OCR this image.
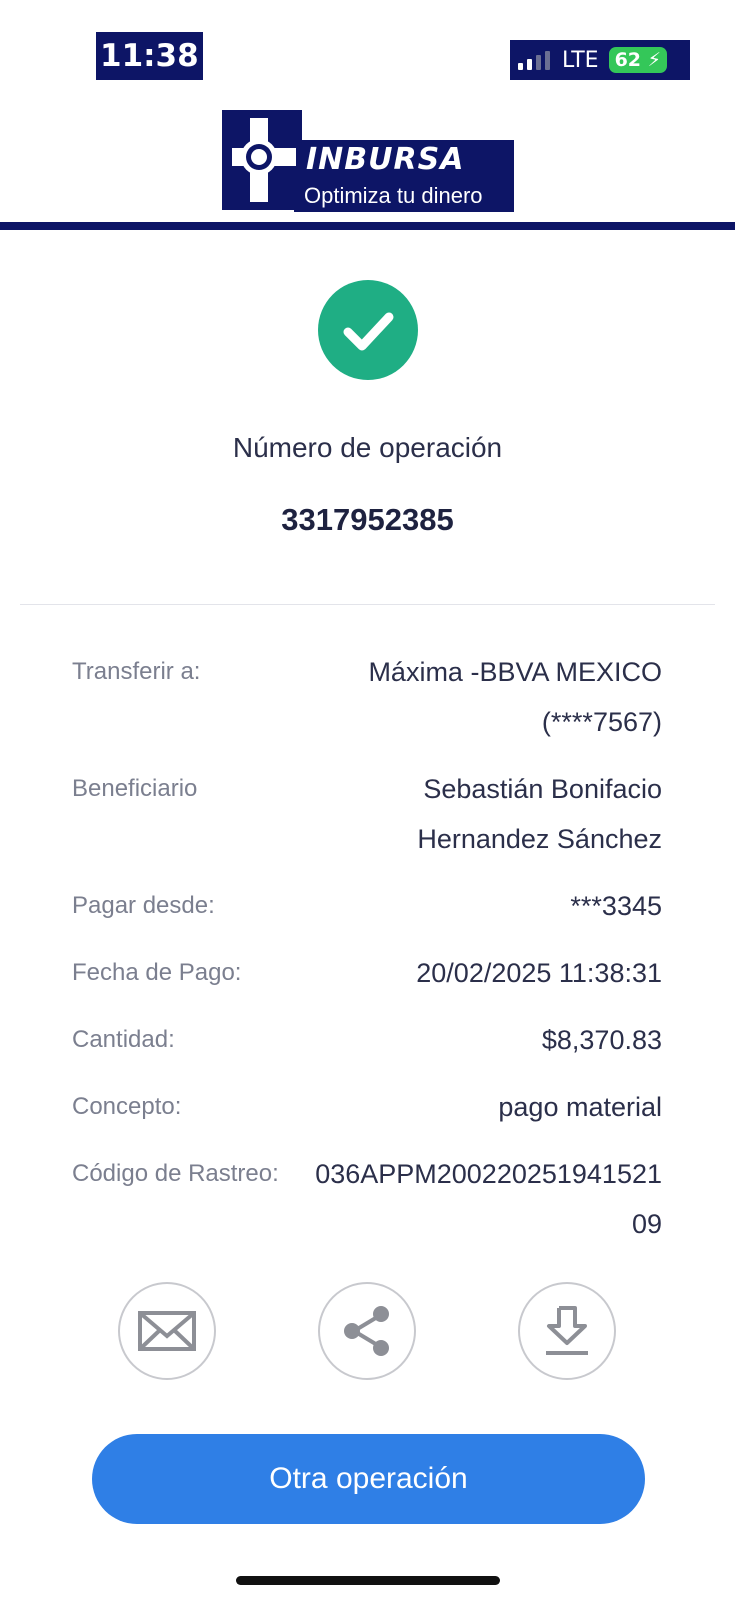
11:38	LTE 62 ⚡
INBURSA
Optimiza tu dinero
Número de operación
3317952385
Transferir a:	Máxima -BBVA MEXICO (****7567)
Beneficiario	Sebastián Bonifacio Hernandez Sánchez
Pagar desde:	***3345
Fecha de Pago:	20/02/2025 11:38:31
Cantidad:	$8,370.83
Concepto:	pago material
Código de Rastreo: 036APPM20022025194152109
Otra operación
